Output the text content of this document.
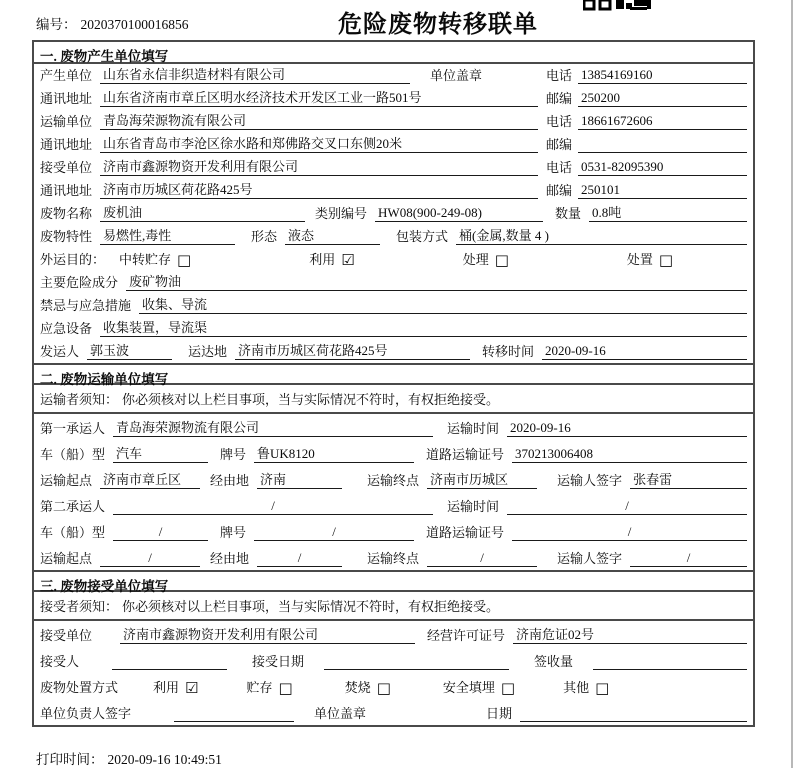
编号： 2020370100016856	危险废物转移联单
一. 废物产生单位填写
产生单位 山东省永信非织造材料有限公司	单位盖章	电话 13854169160
通讯地址 山东省济南市章丘区明水经济技术开发区工业一路501号	邮编 250200
运输单位 青岛海荣源物流有限公司	电话 18661672606
通讯地址 山东省青岛市李沧区徐水路和郑佛路交叉口东侧20米	邮编
接受单位 济南市鑫源物资开发利用有限公司	电话 0531-82095390
通讯地址 济南市历城区荷花路425号	邮编 250101
废物名称 废机油	类别编号 HW08(900-249-08)	数量 0.8吨
废物特性 易燃性,毒性	形态 液态	包装方式 桶(金属,数量 4 )
外运目的： 中转贮存 □	利用 ☑	处理 □	处置 □
主要危险成分 废矿物油
禁忌与应急措施 收集、导流
应急设备 收集装置，导流渠
发运人 郭玉波	运达地 济南市历城区荷花路425号	转移时间 2020-09-16
二. 废物运输单位填写
运输者须知： 你必须核对以上栏目事项，当与实际情况不符时，有权拒绝接受。
第一承运人 青岛海荣源物流有限公司	运输时间 2020-09-16
车（船）型 汽车	牌号 鲁UK8120	道路运输证号 370213006408
运输起点 济南市章丘区	经由地 济南	运输终点 济南市历城区	运输人签字 张春雷
第二承运人	/	运输时间	/
车（船）型	/	牌号	/	道路运输证号	/
运输起点	/	经由地	/	运输终点	/	运输人签字	/
三. 废物接受单位填写
接受者须知： 你必须核对以上栏目事项，当与实际情况不符时，有权拒绝接受。
接受单位 济南市鑫源物资开发利用有限公司	经营许可证号 济南危证02号
接受人	接受日期	签收量
废物处置方式	利用 ☑	贮存 □	焚烧 □	安全填埋 □	其他 □
单位负责人签字	单位盖章	日期
打印时间： 2020-09-16 10:49:51
